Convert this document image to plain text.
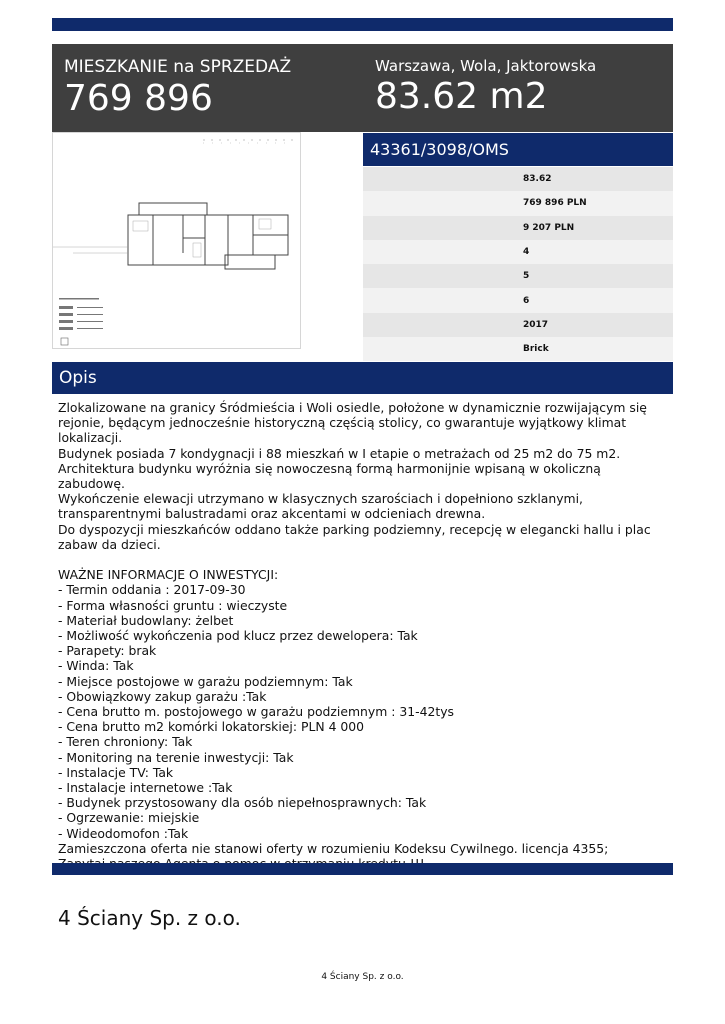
MIESZKANIE na SPRZEDAŻ
769 896
Warszawa, Wola, Jaktorowska
83.62 m2
43361/3098/OMS
83.62
769 896 PLN
9 207 PLN
4
5
6
2017
Brick
Opis

Zlokalizowane na granicy Śródmieścia i Woli osiedle, położone w dynamicznie rozwijającym się

rejonie, będącym jednocześnie historyczną częścią stolicy, co gwarantuje wyjątkowy klimat

lokalizacji.

Budynek posiada 7 kondygnacji i 88 mieszkań w I etapie o metrażach od 25 m2 do 75 m2.

Architektura budynku wyróżnia się nowoczesną formą harmonijnie wpisaną w okoliczną zabudowę.

Wykończenie elewacji utrzymano w klasycznych szarościach i dopełniono szklanymi,

transparentnymi balustradami oraz akcentami w odcieniach drewna.

Do dyspozycji mieszkańców oddano także parking podziemny, recepcję w elegancki hallu i plac

zabaw da dzieci.

WAŻNE INFORMACJE O INWESTYCJI:

- Termin oddania : 2017-09-30

- Forma własności gruntu : wieczyste

- Materiał budowlany: żelbet

- Możliwość wykończenia pod klucz przez dewelopera: Tak

- Parapety: brak

- Winda: Tak

- Miejsce postojowe w garażu podziemnym: Tak

- Obowiązkowy zakup garażu :Tak

- Cena brutto m. postojowego w garażu podziemnym : 31-42tys

- Cena brutto m2 komórki lokatorskiej: PLN 4 000

- Teren chroniony: Tak

- Monitoring na terenie inwestycji: Tak

- Instalacje TV: Tak

- Instalacje internetowe :Tak

- Budynek przystosowany dla osób niepełnosprawnych: Tak

- Ogrzewanie: miejskie

- Wideodomofon :Tak

Zamieszczona oferta nie stanowi oferty w rozumieniu Kodeksu Cywilnego. licencja 4355;

4 Ściany Sp. z o.o.
4 Ściany Sp. z o.o.
